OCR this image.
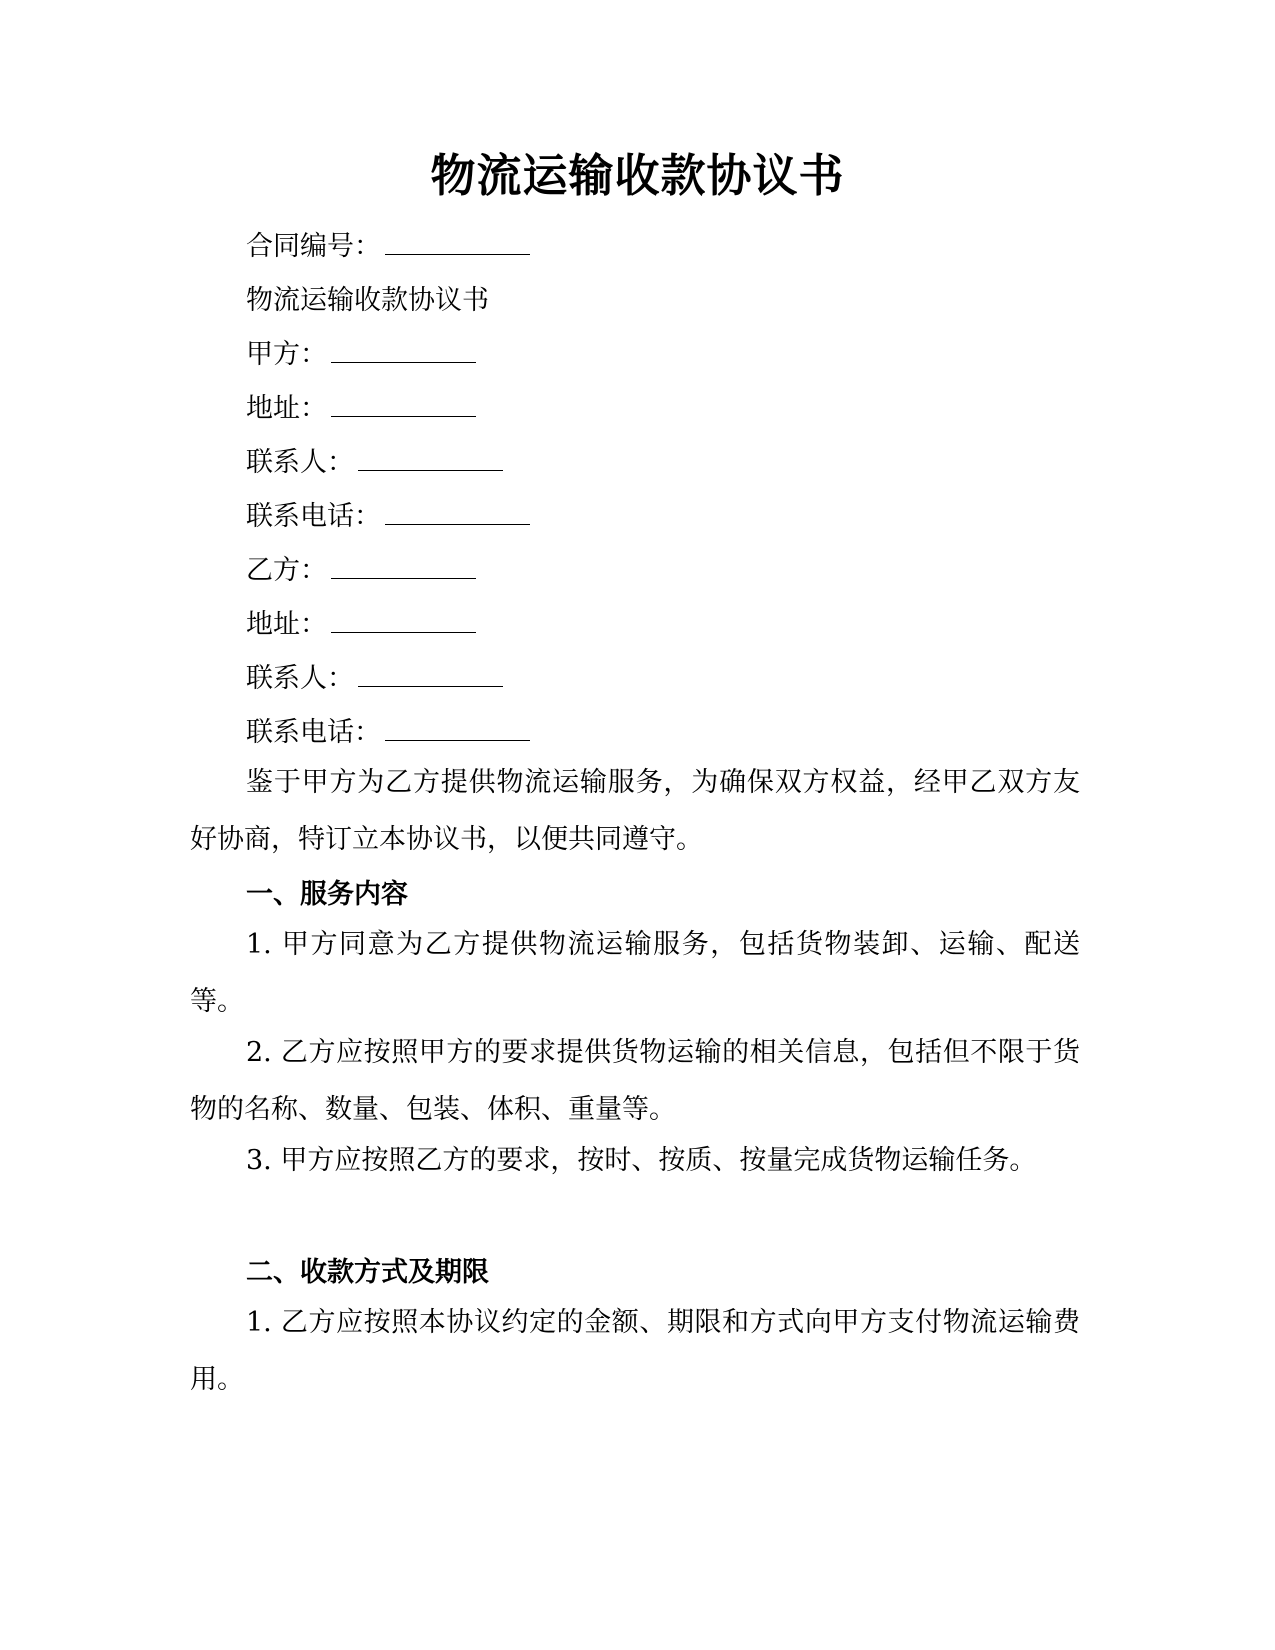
物流运输收款协议书
合同编号：
物流运输收款协议书
甲方：
地址：
联系人：
联系电话：
乙方：
地址：
联系人：
联系电话：
鉴于甲方为乙方提供物流运输服务，为确保双方权益，经甲乙双方友好协商，特订立本协议书，以便共同遵守。
一、服务内容
1. 甲方同意为乙方提供物流运输服务，包括货物装卸、运输、配送等。
2. 乙方应按照甲方的要求提供货物运输的相关信息，包括但不限于货物的名称、数量、包装、体积、重量等。
3. 甲方应按照乙方的要求，按时、按质、按量完成货物运输任务。
二、收款方式及期限
1. 乙方应按照本协议约定的金额、期限和方式向甲方支付物流运输费用。
